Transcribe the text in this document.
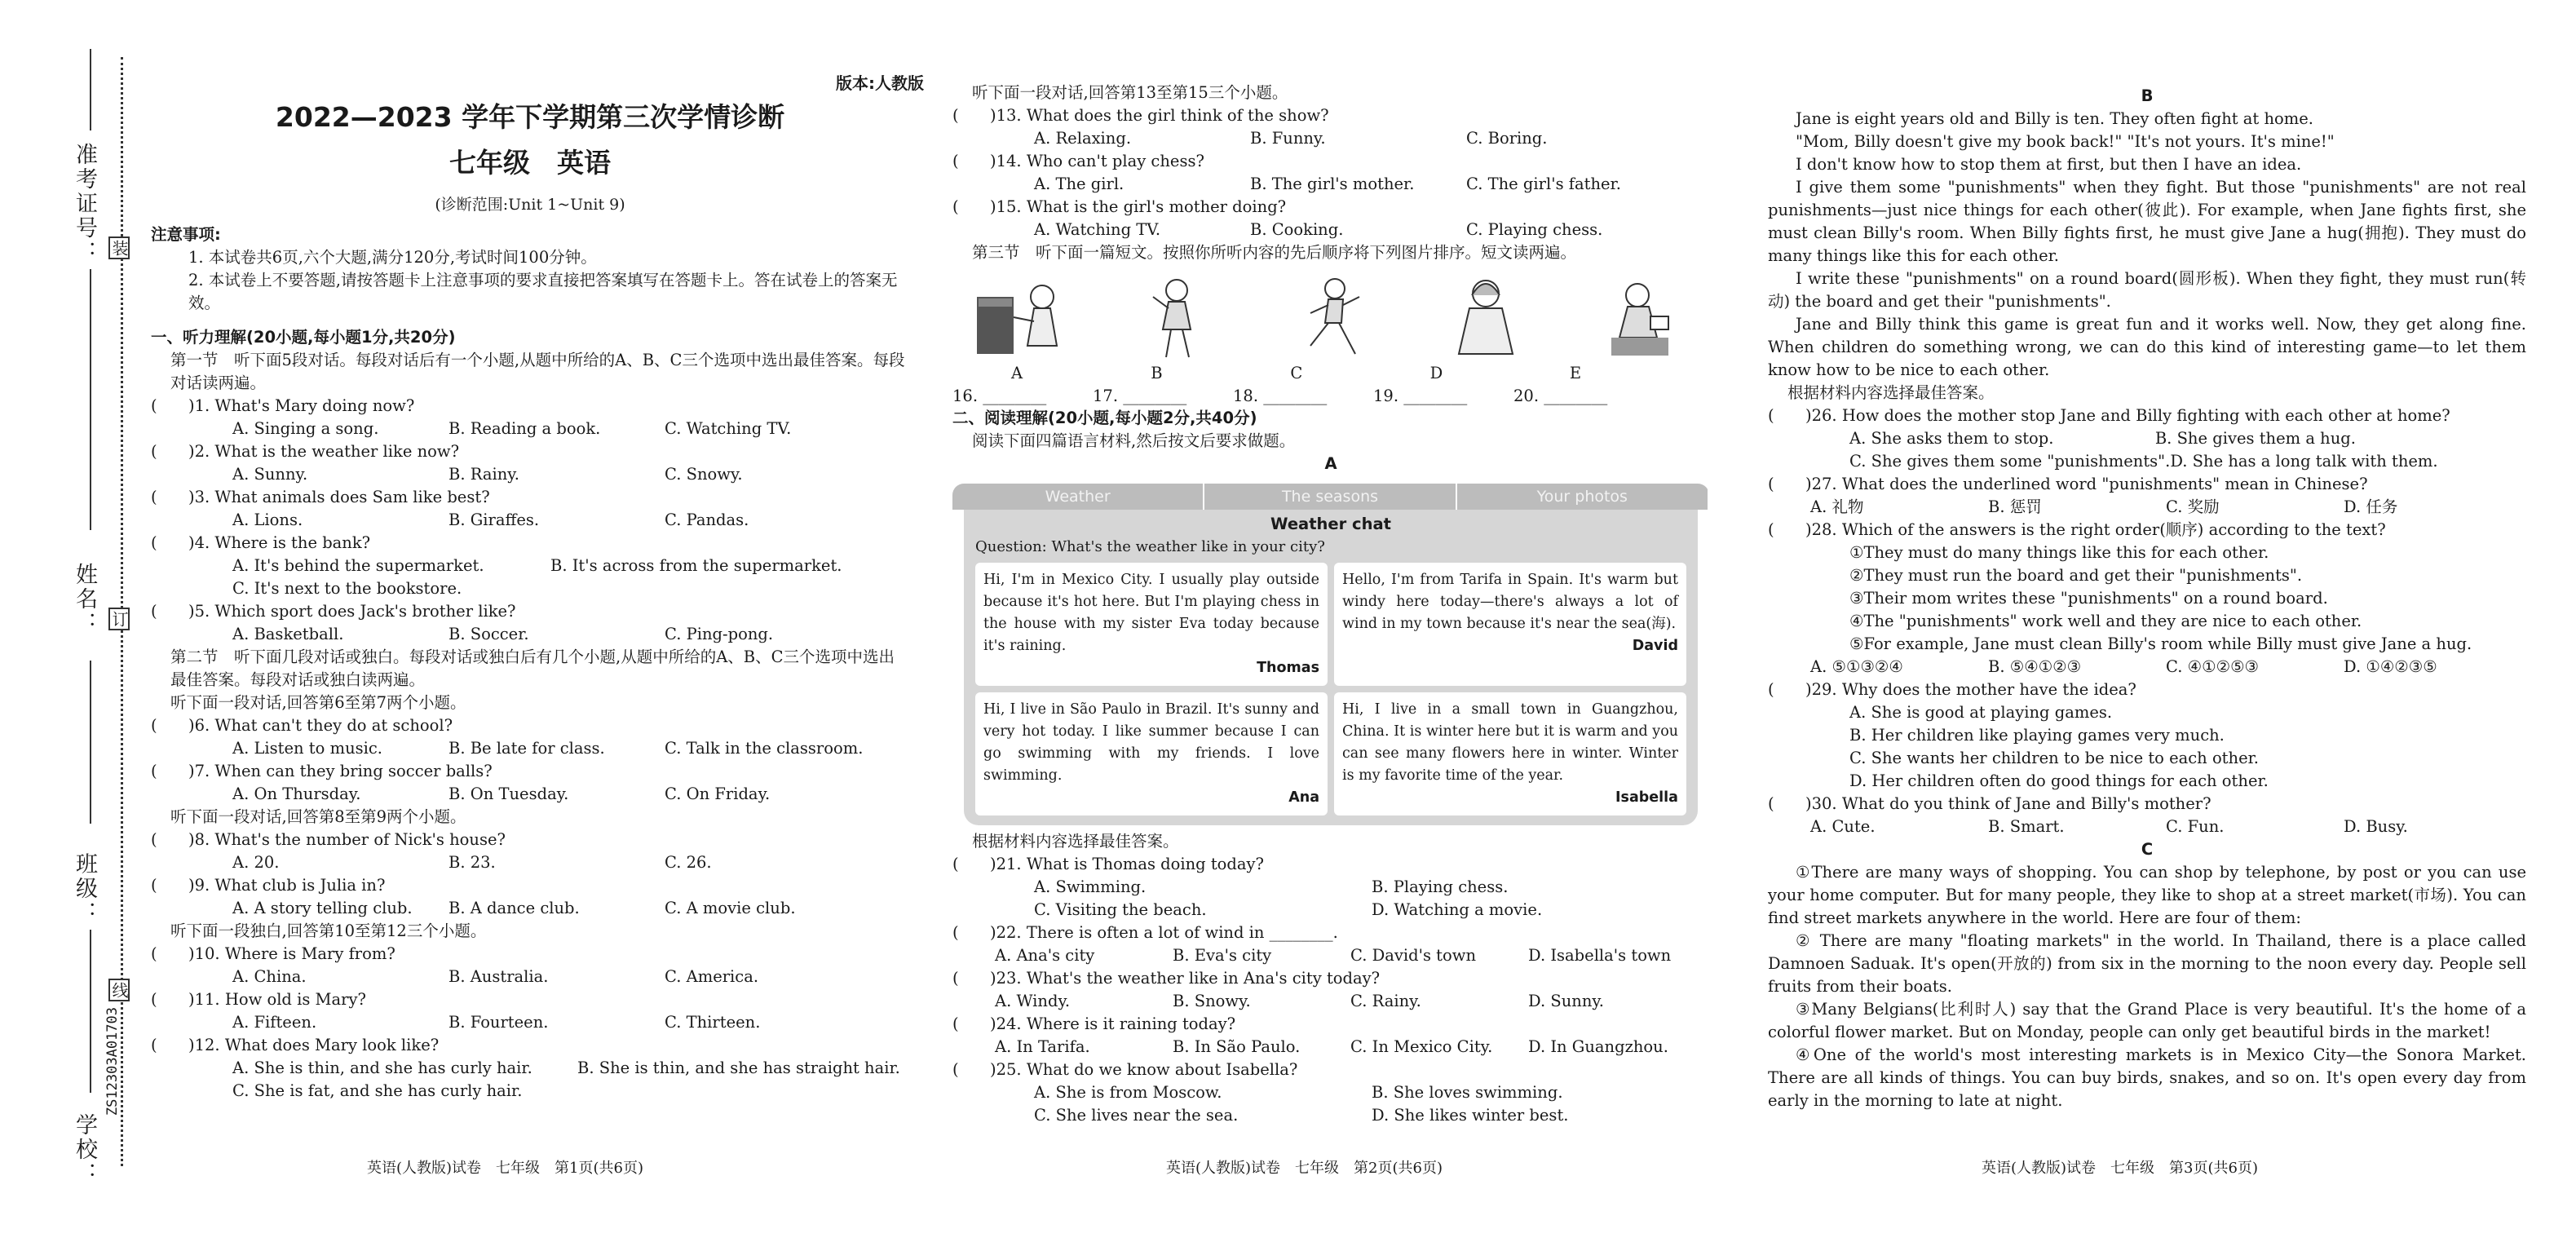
准考证号：
姓名：
班级：
学校：
装
订
线
ZS12303A01703
版本:人教版
2022—2023 学年下学期第三次学情诊断
七年级　英语
(诊断范围:Unit 1~Unit 9)
注意事项:
1. 本试卷共6页,六个大题,满分120分,考试时间100分钟。
2. 本试卷上不要答题,请按答题卡上注意事项的要求直接把答案填写在答题卡上。答在试卷上的答案无效。
一、听力理解(20小题,每小题1分,共20分)
第一节　听下面5段对话。每段对话后有一个小题,从题中所给的A、B、C三个选项中选出最佳答案。每段对话读两遍。
(	)1. What's Mary doing now?
A. Singing a song.	B. Reading a book.	C. Watching TV.
(	)2. What is the weather like now?
A. Sunny.	B. Rainy.	C. Snowy.
(	)3. What animals does Sam like best?
A. Lions.	B. Giraffes.	C. Pandas.
(	)4. Where is the bank?
A. It's behind the supermarket.	B. It's across from the supermarket.
C. It's next to the bookstore.
(	)5. Which sport does Jack's brother like?
A. Basketball.	B. Soccer.	C. Ping-pong.
第二节　听下面几段对话或独白。每段对话或独白后有几个小题,从题中所给的A、B、C三个选项中选出最佳答案。每段对话或独白读两遍。
听下面一段对话,回答第6至第7两个小题。
(	)6. What can't they do at school?
A. Listen to music.	B. Be late for class.	C. Talk in the classroom.
(	)7. When can they bring soccer balls?
A. On Thursday.	B. On Tuesday.	C. On Friday.
听下面一段对话,回答第8至第9两个小题。
(	)8. What's the number of Nick's house?
A. 20.	B. 23.	C. 26.
(	)9. What club is Julia in?
A. A story telling club.	B. A dance club.	C. A movie club.
听下面一段独白,回答第10至第12三个小题。
(	)10. Where is Mary from?
A. China.	B. Australia.	C. America.
(	)11. How old is Mary?
A. Fifteen.	B. Fourteen.	C. Thirteen.
(	)12. What does Mary look like?
A. She is thin, and she has curly hair.	B. She is thin, and she has straight hair.
C. She is fat, and she has curly hair.
英语(人教版)试卷　七年级　第1页(共6页)
听下面一段对话,回答第13至第15三个小题。
(	)13. What does the girl think of the show?
A. Relaxing.	B. Funny.	C. Boring.
(	)14. Who can't play chess?
A. The girl.	B. The girl's mother.	C. The girl's father.
(	)15. What is the girl's mother doing?
A. Watching TV.	B. Cooking.	C. Playing chess.
第三节　听下面一篇短文。按照你所听内容的先后顺序将下列图片排序。短文读两遍。
A	B	C	D	E
16. ________	17. ________	18. ________	19. ________	20. ________
二、阅读理解(20小题,每小题2分,共40分)
阅读下面四篇语言材料,然后按文后要求做题。
A
Weather	The seasons	Your photos
Weather chat
Question: What's the weather like in your city?
Hi, I'm in Mexico City. I usually play outside because it's hot here. But I'm playing chess in the house with my sister Eva today because it's raining.
Thomas
Hello, I'm from Tarifa in Spain. It's warm but windy here today—there's always a lot of wind in my town because it's near the sea(海).
David
Hi, I live in São Paulo in Brazil. It's sunny and very hot today. I like summer because I can go swimming with my friends. I love swimming.
Ana
Hi, I live in a small town in Guangzhou, China. It is winter here but it is warm and you can see many flowers here in winter. Winter is my favorite time of the year.
Isabella
根据材料内容选择最佳答案。
(	)21. What is Thomas doing today?
A. Swimming.	B. Playing chess.
C. Visiting the beach.	D. Watching a movie.
(	)22. There is often a lot of wind in ________.
A. Ana's city	B. Eva's city	C. David's town	D. Isabella's town
(	)23. What's the weather like in Ana's city today?
A. Windy.	B. Snowy.	C. Rainy.	D. Sunny.
(	)24. Where is it raining today?
A. In Tarifa.	B. In São Paulo.	C. In Mexico City.	D. In Guangzhou.
(	)25. What do we know about Isabella?
A. She is from Moscow.	B. She loves swimming.
C. She lives near the sea.	D. She likes winter best.
英语(人教版)试卷　七年级　第2页(共6页)
B
Jane is eight years old and Billy is ten. They often fight at home.
"Mom, Billy doesn't give my book back!" "It's not yours. It's mine!"
I don't know how to stop them at first, but then I have an idea.
I give them some "punishments" when they fight. But those "punishments" are not real punishments—just nice things for each other(彼此). For example, when Jane fights first, she must clean Billy's room. When Billy fights first, he must give Jane a hug(拥抱). They must do many things like this for each other.
I write these "punishments" on a round board(圆形板). When they fight, they must run(转动) the board and get their "punishments".
Jane and Billy think this game is great fun and it works well. Now, they get along fine. When children do something wrong, we can do this kind of interesting game—to let them know how to be nice to each other.
根据材料内容选择最佳答案。
(	)26. How does the mother stop Jane and Billy fighting with each other at home?
A. She asks them to stop.	B. She gives them a hug.
C. She gives them some "punishments". D. She has a long talk with them.
(	)27. What does the underlined word "punishments" mean in Chinese?
A. 礼物	B. 惩罚	C. 奖励	D. 任务
(	)28. Which of the answers is the right order(顺序) according to the text?
①They must do many things like this for each other.
②They must run the board and get their "punishments".
③Their mom writes these "punishments" on a round board.
④The "punishments" work well and they are nice to each other.
⑤For example, Jane must clean Billy's room while Billy must give Jane a hug.
A. ⑤①③②④	B. ⑤④①②③	C. ④①②⑤③	D. ①④②③⑤
(	)29. Why does the mother have the idea?
A. She is good at playing games.
B. Her children like playing games very much.
C. She wants her children to be nice to each other.
D. Her children often do good things for each other.
(	)30. What do you think of Jane and Billy's mother?
A. Cute.	B. Smart.	C. Fun.	D. Busy.
C
①There are many ways of shopping. You can shop by telephone, by post or you can use your home computer. But for many people, they like to shop at a street market(市场). You can find street markets anywhere in the world. Here are four of them:
② There are many "floating markets" in the world. In Thailand, there is a place called Damnoen Saduak. It's open(开放的) from six in the morning to the noon every day. People sell fruits from their boats.
③Many Belgians(比利时人) say that the Grand Place is very beautiful. It's the home of a colorful flower market. But on Monday, people can only get beautiful birds in the market!
④One of the world's most interesting markets is in Mexico City—the Sonora Market. There are all kinds of things. You can buy birds, snakes, and so on. It's open every day from early in the morning to late at night.
英语(人教版)试卷　七年级　第3页(共6页)
